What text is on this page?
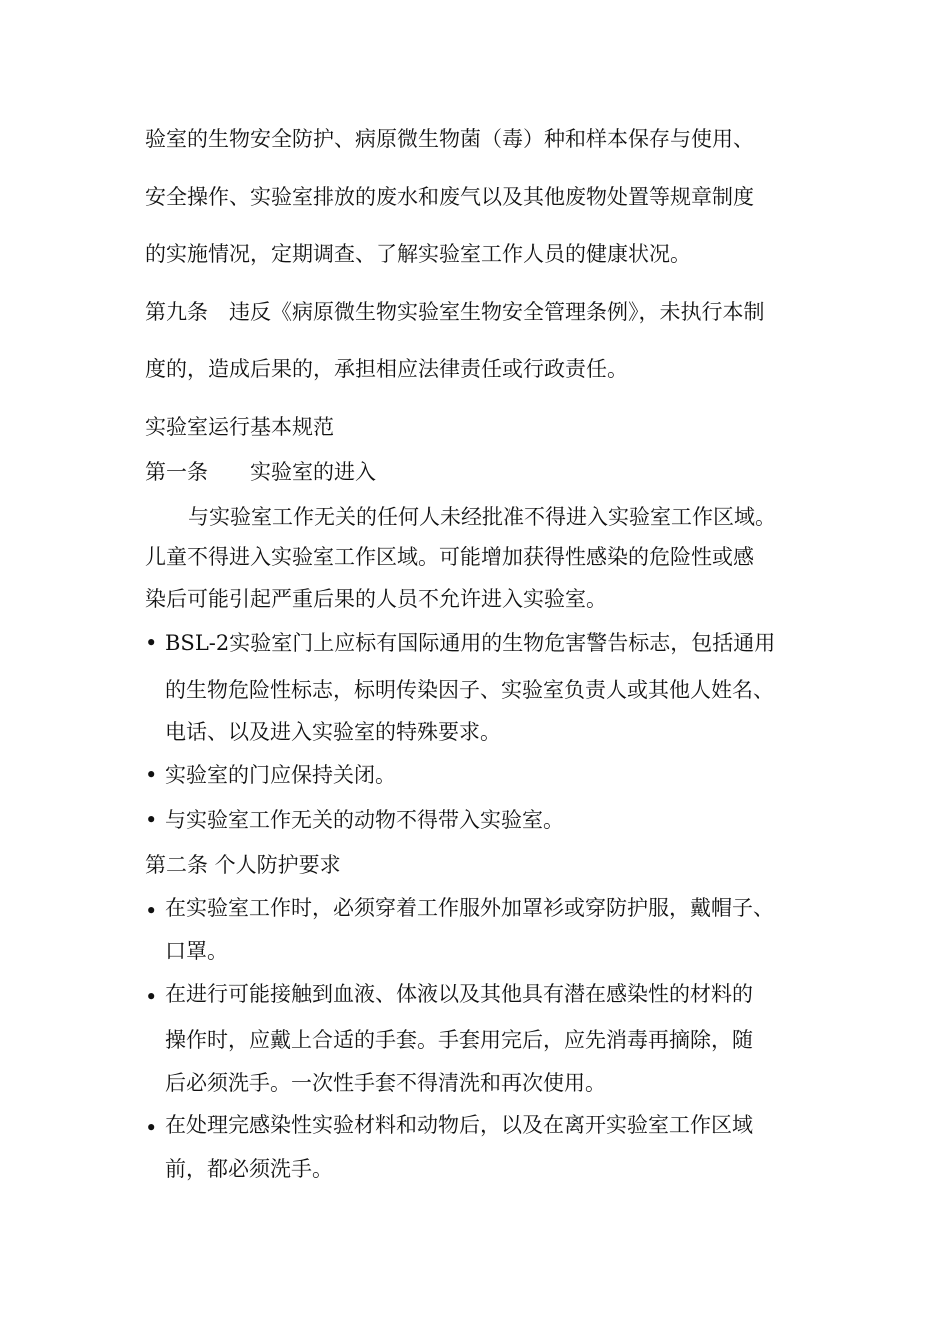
验室的生物安全防护、病原微生物菌（毒）种和样本保存与使用、
安全操作、实验室排放的废水和废气以及其他废物处置等规章制度
的实施情况，定期调查、了解实验室工作人员的健康状况。
第九条　违反《病原微生物实验室生物安全管理条例》，未执行本制
度的，造成后果的，承担相应法律责任或行政责任。
实验室运行基本规范
第一条　　实验室的进入
与实验室工作无关的任何人未经批准不得进入实验室工作区域。
儿童不得进入实验室工作区域。可能增加获得性感染的危险性或感
染后可能引起严重后果的人员不允许进入实验室。
• BSL-2实验室门上应标有国际通用的生物危害警告标志，包括通用
的生物危险性标志，标明传染因子、实验室负责人或其他人姓名、
电话、以及进入实验室的特殊要求。
• 实验室的门应保持关闭。
• 与实验室工作无关的动物不得带入实验室。
第二条 个人防护要求
• 在实验室工作时，必须穿着工作服外加罩衫或穿防护服，戴帽子、
口罩。
• 在进行可能接触到血液、体液以及其他具有潜在感染性的材料的
操作时，应戴上合适的手套。手套用完后，应先消毒再摘除，随
后必须洗手。一次性手套不得清洗和再次使用。
• 在处理完感染性实验材料和动物后，以及在离开实验室工作区域
前，都必须洗手。
